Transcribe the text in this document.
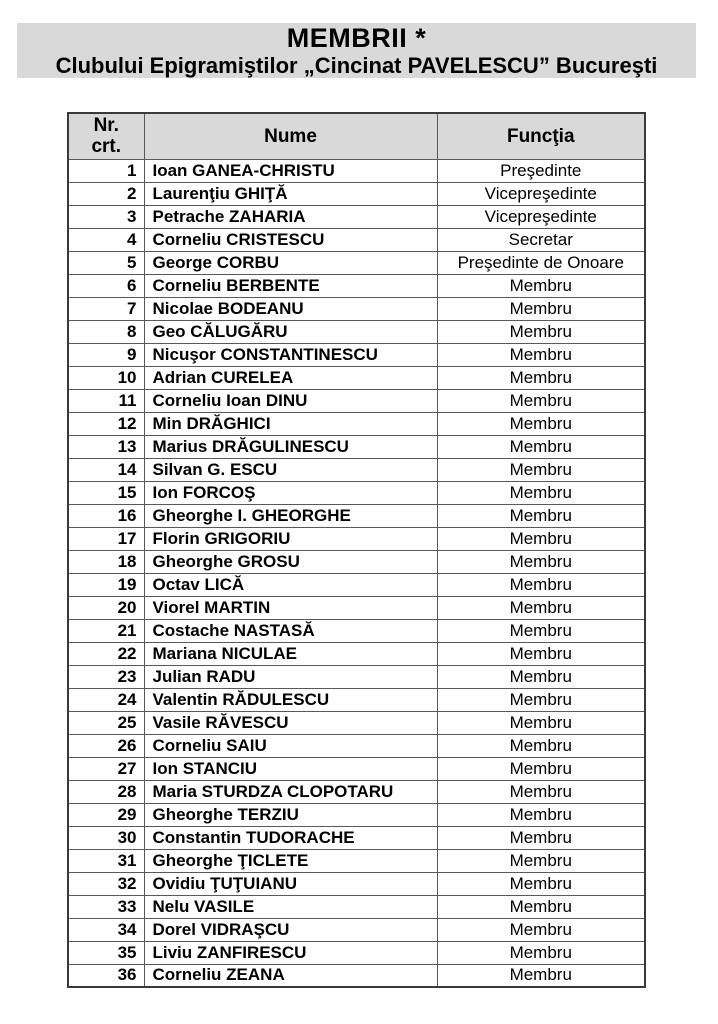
MEMBRII *
Clubului Epigramiştilor „Cincinat PAVELESCU” Bucureşti
Nr.
crt.	Nume	Funcţia
1	Ioan GANEA-CHRISTU	Preşedinte
2	Laurenţiu GHIŢĂ	Vicepreşedinte
3	Petrache ZAHARIA	Vicepreşedinte
4	Corneliu CRISTESCU	Secretar
5	George CORBU	Preşedinte de Onoare
6	Corneliu BERBENTE	Membru
7	Nicolae BODEANU	Membru
8	Geo CĂLUGĂRU	Membru
9	Nicuşor CONSTANTINESCU	Membru
10	Adrian CURELEA	Membru
11	Corneliu Ioan DINU	Membru
12	Min DRĂGHICI	Membru
13	Marius DRĂGULINESCU	Membru
14	Silvan G. ESCU	Membru
15	Ion FORCOŞ	Membru
16	Gheorghe I. GHEORGHE	Membru
17	Florin GRIGORIU	Membru
18	Gheorghe GROSU	Membru
19	Octav LICĂ	Membru
20	Viorel MARTIN	Membru
21	Costache NASTASĂ	Membru
22	Mariana NICULAE	Membru
23	Julian RADU	Membru
24	Valentin RĂDULESCU	Membru
25	Vasile RĂVESCU	Membru
26	Corneliu SAIU	Membru
27	Ion STANCIU	Membru
28	Maria STURDZA CLOPOTARU	Membru
29	Gheorghe TERZIU	Membru
30	Constantin TUDORACHE	Membru
31	Gheorghe ŢICLETE	Membru
32	Ovidiu ŢUŢUIANU	Membru
33	Nelu VASILE	Membru
34	Dorel VIDRAŞCU	Membru
35	Liviu ZANFIRESCU	Membru
36	Corneliu ZEANA	Membru
